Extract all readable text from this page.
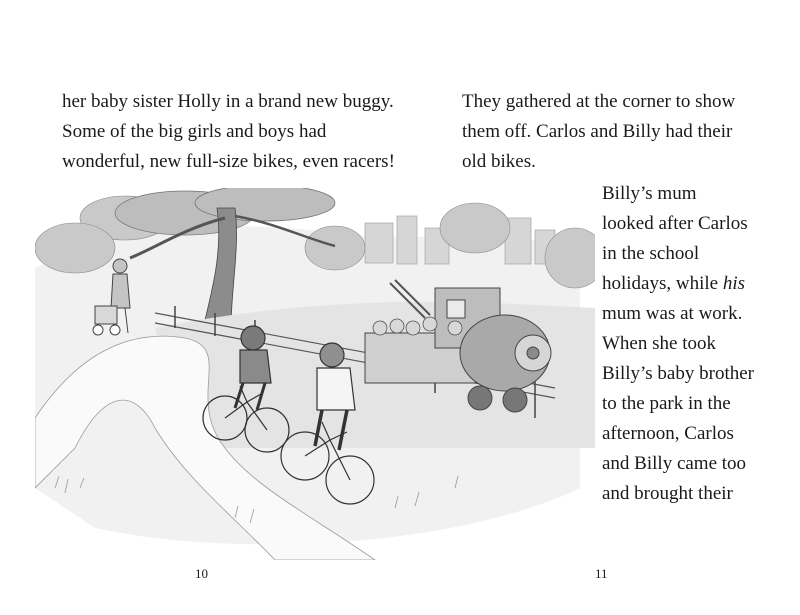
her baby sister Holly in a brand new buggy.
Some of the big girls and boys had
wonderful, new full-size bikes, even racers!
They gathered at the corner to show
them off. Carlos and Billy had their
old bikes.
Billy’s mum
looked after Carlos
in the school
holidays, while his
mum was at work.
When she took
Billy’s baby brother
to the park in the
afternoon, Carlos
and Billy came too
and brought their
10	11
